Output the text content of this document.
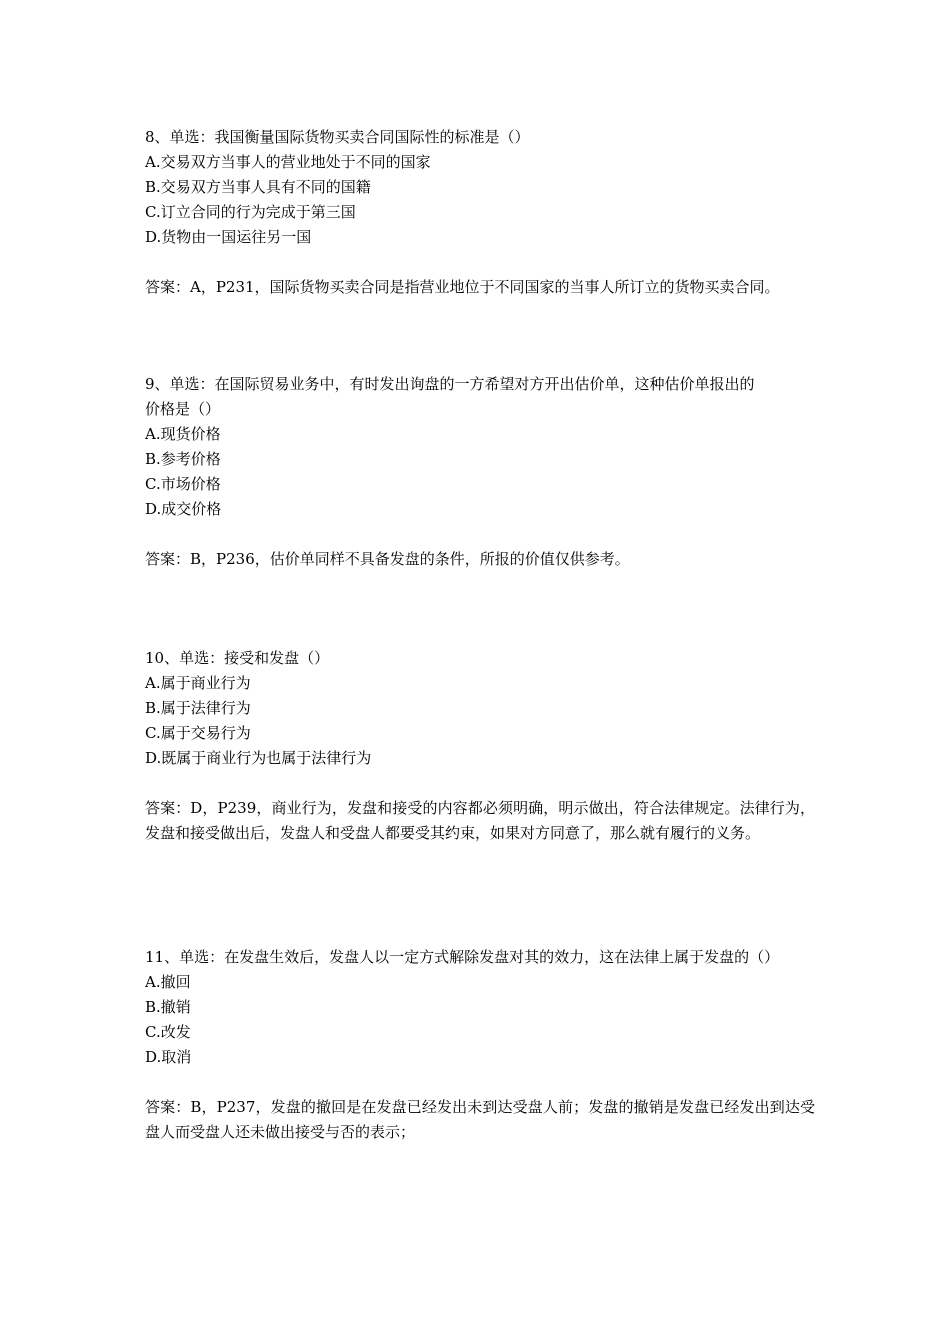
8、单选：我国衡量国际货物买卖合同国际性的标准是（）
A.交易双方当事人的营业地处于不同的国家
B.交易双方当事人具有不同的国籍
C.订立合同的行为完成于第三国
D.货物由一国运往另一国
答案：A，P231，国际货物买卖合同是指营业地位于不同国家的当事人所订立的货物买卖合同。
9、单选：在国际贸易业务中，有时发出询盘的一方希望对方开出估价单，这种估价单报出的
价格是（）
A.现货价格
B.参考价格
C.市场价格
D.成交价格
答案：B，P236，估价单同样不具备发盘的条件，所报的价值仅供参考。
10、单选：接受和发盘（）
A.属于商业行为
B.属于法律行为
C.属于交易行为
D.既属于商业行为也属于法律行为
答案：D，P239，商业行为，发盘和接受的内容都必须明确，明示做出，符合法律规定。法律行为，发盘和接受做出后，发盘人和受盘人都要受其约束，如果对方同意了，那么就有履行的义务。
11、单选：在发盘生效后，发盘人以一定方式解除发盘对其的效力，这在法律上属于发盘的（）
A.撤回
B.撤销
C.改发
D.取消
答案：B，P237，发盘的撤回是在发盘已经发出未到达受盘人前；发盘的撤销是发盘已经发出到达受盘人而受盘人还未做出接受与否的表示；
